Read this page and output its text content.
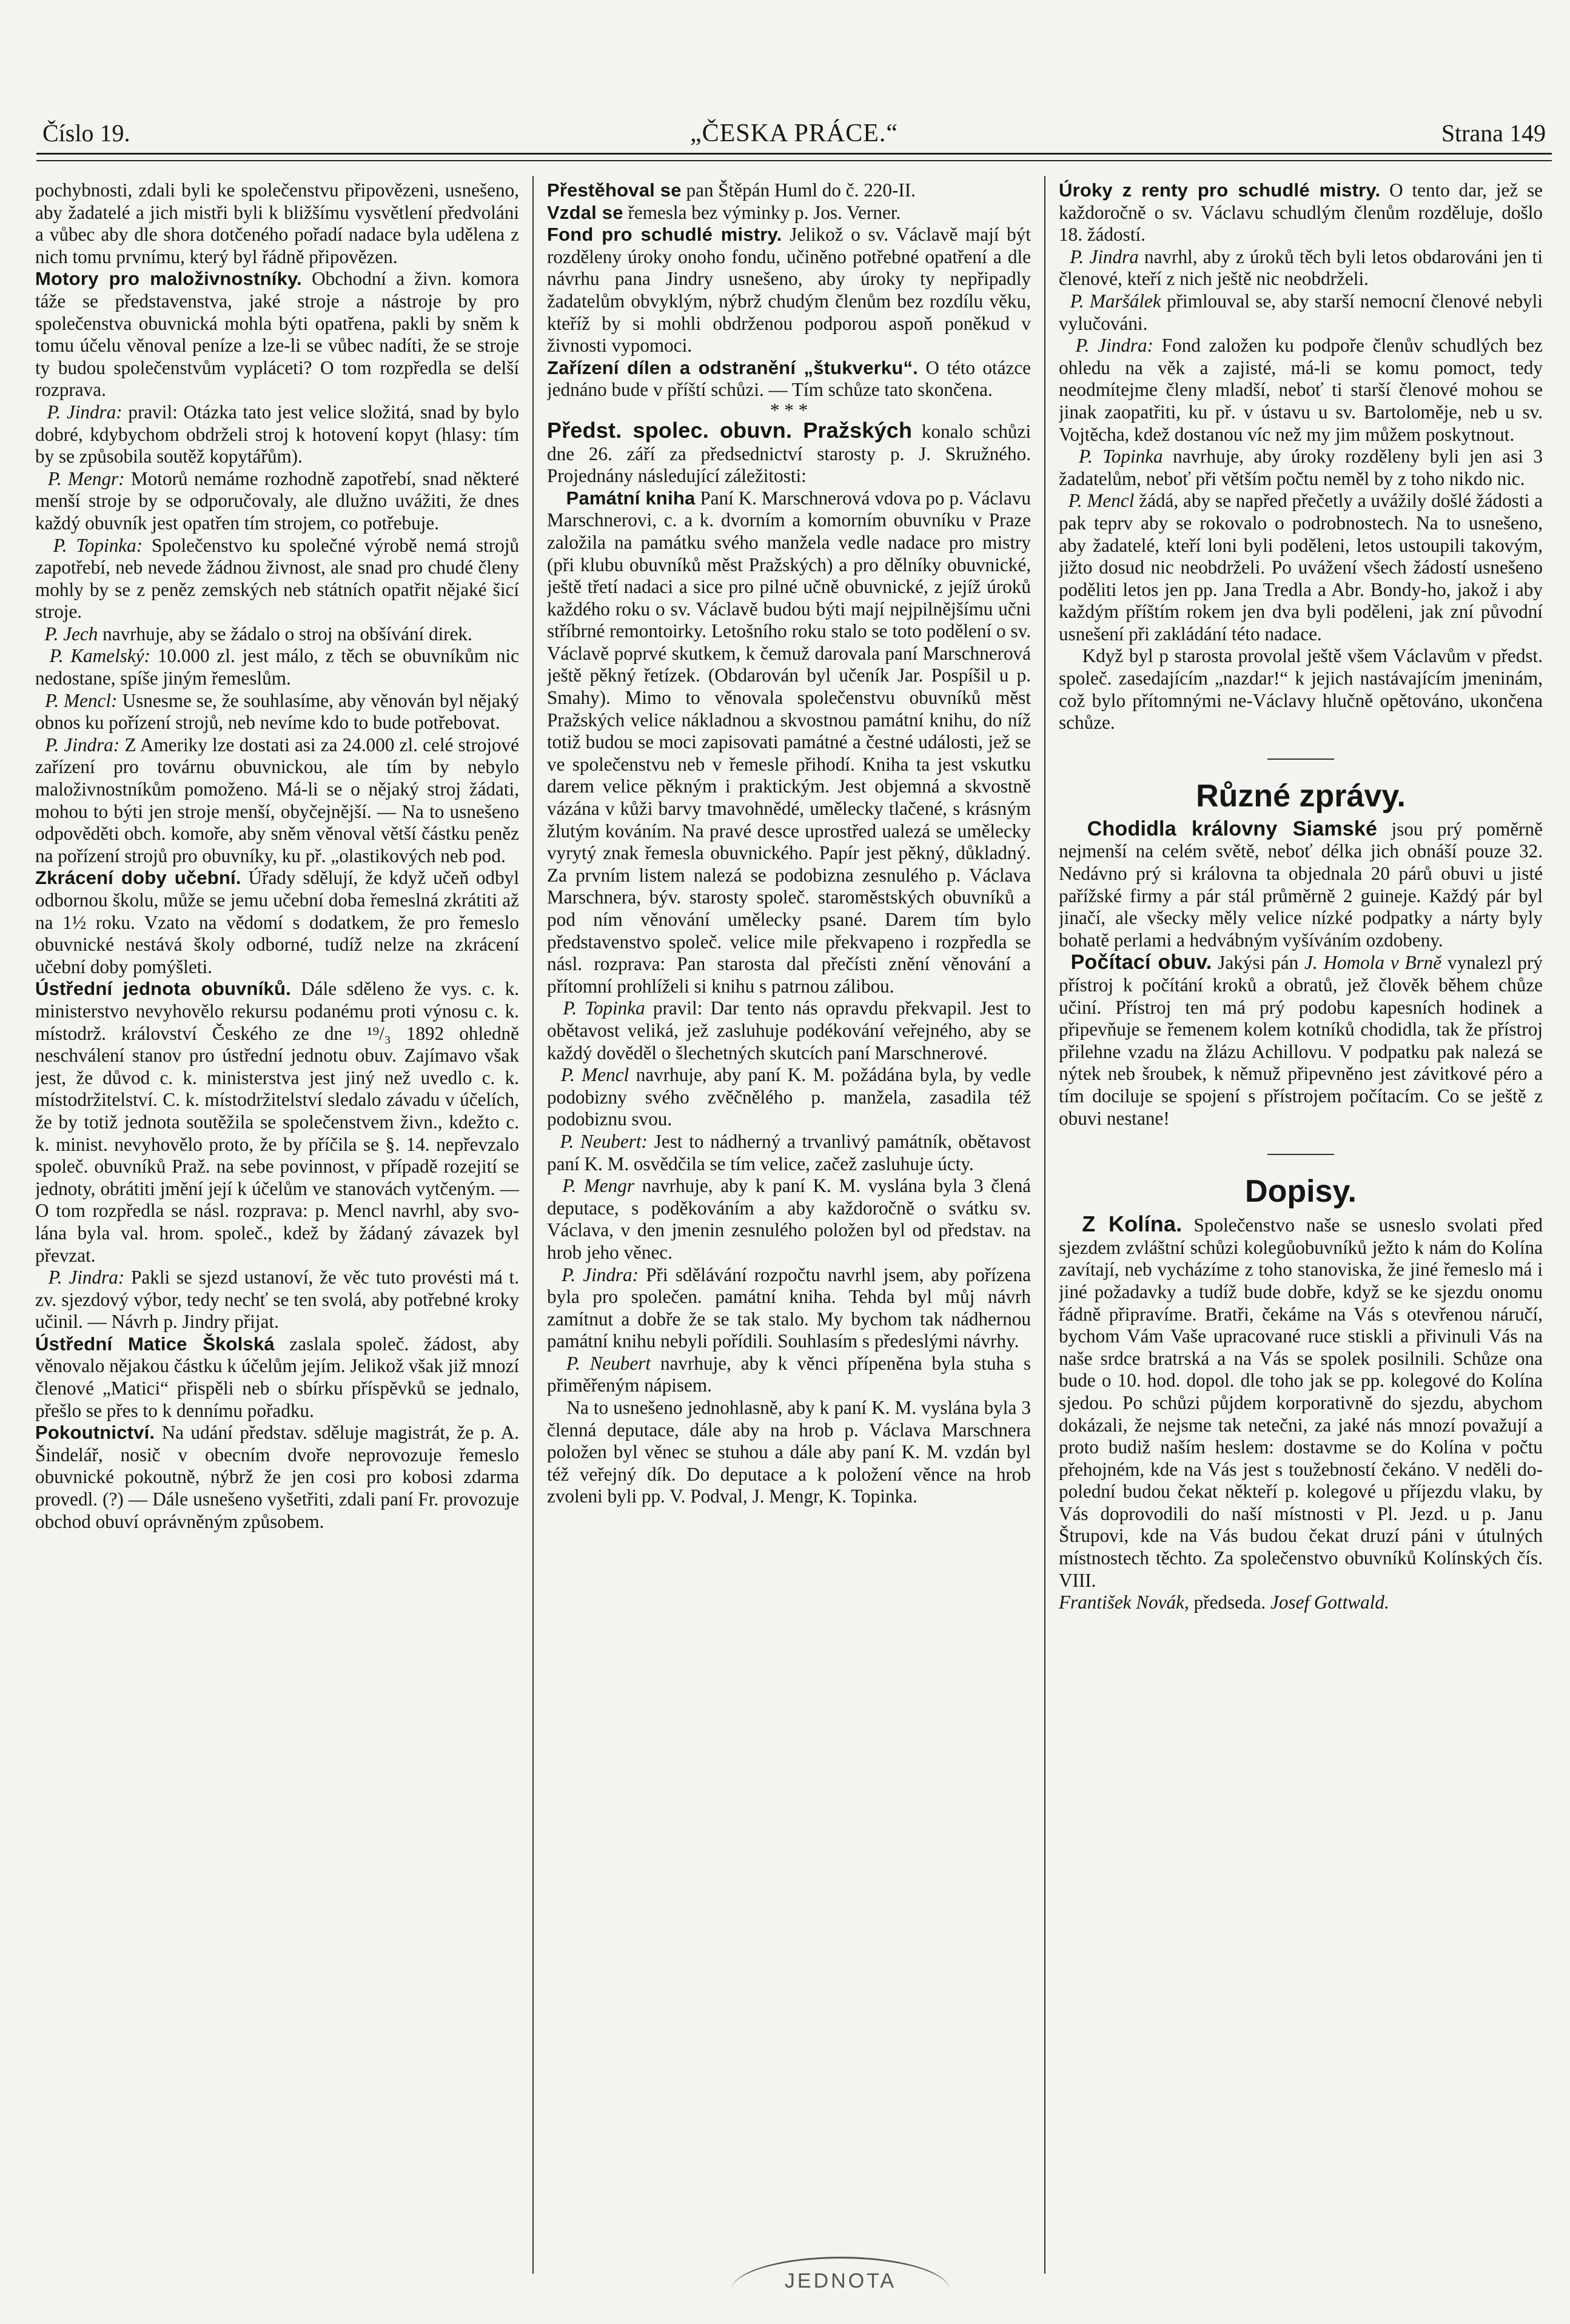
Číslo 19.	„ČESKA PRÁCE.“	Strana 149

pochybnosti, zdali byli ke společenstvu připovězeni, usnešeno, aby žadatelé a jich mistři byli k bližšímu vysvětlení předvoláni a vůbec aby dle shora dotčeného pořadí nadace byla udělena z nich tomu prvnímu, který byl řádně připovězen.

Motory pro maloživnostníky. Obchodní a živn. komora táže se představenstva, jaké stroje a nástroje by pro společenstva obuvnická mohla býti opatřena, pakli by sněm k tomu účelu věnoval peníze a lze-li se vůbec nadíti, že se stroje ty budou společenstvům vypláceti? O tom rozpředla se delší rozprava.

P. Jindra: pravil: Otázka tato jest velice složitá, snad by bylo dobré, kdybychom obdrželi stroj k hotovení kopyt (hlasy: tím by se způsobila soutěž kopytářům).

P. Mengr: Motorů nemáme rozhodně zapotřebí, snad některé menší stroje by se odporučovaly, ale dlužno uvážiti, že dnes každý obuvník jest opatřen tím strojem, co potřebuje.

P. Topinka: Společenstvo ku společné výrobě nemá strojů zapotřebí, neb nevede žádnou živnost, ale snad pro chudé členy mohly by se z peněz zemských neb státních opatřit nějaké šicí stroje.

P. Jech navrhuje, aby se žádalo o stroj na obšívání direk.

P. Kamelský: 10.000 zl. jest málo, z těch se obuvníkům nic nedostane, spíše jiným řemeslům.

P. Mencl: Usnesme se, že souhlasíme, aby věnován byl nějaký obnos ku pořízení strojů, neb nevíme kdo to bude potřebovat.

P. Jindra: Z Ameriky lze dostati asi za 24.000 zl. celé strojové zařízení pro továrnu obuvnickou, ale tím by nebylo maloživnostníkům pomoženo. Má-li se o nějaký stroj žádati, mohou to býti jen stroje menší, obyčejnější. — Na to usnešeno odpověděti obch. komoře, aby sněm věnoval větší částku peněz na pořízení strojů pro obuvníky, ku př. „olastikových neb pod.

Zkrácení doby učební. Úřady sdělují, že když učeň odbyl odbornou školu, může se jemu učební doba řemeslná zkrátiti až na 1½ roku. Vzato na vědomí s dodatkem, že pro řemeslo obuvnické nestává školy odborné, tudíž nelze na zkrácení učební doby pomýšleti.

Ústřední jednota obuvníků. Dále sděleno že vys. c. k. ministerstvo nevyhovělo rekursu podanému proti výnosu c. k. místodrž. království Českého ze dne ¹⁹/₃ 1892 ohledně neschválení stanov pro ústřední jednotu obuv. Zajímavo však jest, že důvod c. k. ministerstva jest jiný než uvedlo c. k. místodržitelství. C. k. místodržitelství sledalo závadu v účelích, že by totiž jednota soutěžila se společenstvem živn., kdežto c. k. minist. nevyhovělo proto, že by příčila se §. 14. nepřevzalo společ. obuvníků Praž. na sebe povinnost, v případě rozejití se jednoty, obrátiti jmění její k účelům ve stanovách vytčeným. — O tom rozpředla se násl. rozprava: p. Mencl navrhl, aby svolána byla val. hrom. společ., kdež by žádaný závazek byl převzat.

P. Jindra: Pakli se sjezd ustanoví, že věc tuto provésti má t. zv. sjezdový výbor, tedy nechť se ten svolá, aby potřebné kroky učinil. — Návrh p. Jindry přijat.

Ústřední Matice Školská zaslala společ. žádost, aby věnovalo nějakou částku k účelům jejím. Jelikož však již mnozí členové „Matici“ přispěli neb o sbírku příspěvků se jednalo, přešlo se přes to k dennímu pořadku.

Pokoutnictví. Na udání představ. sděluje magistrát, že p. A. Šindelář, nosič v obecním dvoře neprovozuje řemeslo obuvnické pokoutně, nýbrž že jen cosi pro kobosi zdarma provedl. (?) — Dále usnešeno vyšetřiti, zdali paní Fr. provozuje obchod obuví oprávněným způsobem.

Přestěhoval se pan Štěpán Huml do č. 220-II.

Vzdal se řemesla bez výminky p. Jos. Verner.

Fond pro schudlé mistry. Jelikož o sv. Václavě mají být rozděleny úroky onoho fondu, učiněno potřebné opatření a dle návrhu pana Jindry usnešeno, aby úroky ty nepřipadly žadatelům obvyklým, nýbrž chudým členům bez rozdílu věku, kteříž by si mohli obdrženou podporou aspoň poněkud v živnosti vypomoci.

Zařízení dílen a odstranění „štukverku“. O této otázce jednáno bude v příští schůzi. — Tím schůze tato skončena.

* * *

Předst. spolec. obuvn. Pražských konalo schůzi dne 26. září za předsednictví starosty p. J. Skružného. Projednány následující záležitosti:

Památní kniha Paní K. Marschnerová vdova po p. Václavu Marschnerovi, c. a k. dvorním a komorním obuvníku v Praze založila na památku svého manžela vedle nadace pro mistry (při klubu obuvníků měst Pražských) a pro dělníky obuvnické, ještě třetí nadaci a sice pro pilné učně obuvnické, z jejíž úroků každého roku o sv. Václavě budou býti mají nejpilnějšímu učni stříbrné remontoirky. Letošního roku stalo se toto podělení o sv. Václavě poprvé skutkem, k čemuž darovala paní Marschnerová ještě pěkný řetízek. (Obdarován byl učeník Jar. Pospíšil u p. Smahy). Mimo to věnovala společenstvu obuvníků měst Pražských velice nákladnou a skvostnou památní knihu, do níž totiž budou se moci zapisovati památné a čestné události, jež se ve společenstvu neb v řemesle přihodí. Kniha ta jest vskutku darem velice pěkným i praktickým. Jest objemná a skvostně vázána v kůži barvy tmavohnědé, umělecky tlačené, s krásným žlutým kováním. Na pravé desce uprostřed ualezá se umělecky vyrytý znak řemesla obuvnického. Papír jest pěkný, důkladný. Za prvním listem nalezá se podobizna zesnulého p. Václava Marschnera, býv. starosty společ. staroměstských obuvníků a pod ním věnování umělecky psané. Darem tím bylo představenstvo společ. velice mile překvapeno i rozpředla se násl. rozprava: Pan starosta dal přečísti znění věnování a přítomní prohlíželi si knihu s patrnou zálibou.

P. Topinka pravil: Dar tento nás opravdu překvapil. Jest to obětavost veliká, jež zasluhuje podékování veřejného, aby se každý dověděl o šlechetných skutcích paní Marschnerové.

P. Mencl navrhuje, aby paní K. M. požádána byla, by vedle podobizny svého zvěčnělého p. manžela, zasadila též podobiznu svou.

P. Neubert: Jest to nádherný a trvanlivý památník, obětavost paní K. M. osvědčila se tím velice, začež zasluhuje úcty.

P. Mengr navrhuje, aby k paní K. M. vyslána byla 3 člená deputace, s poděkováním a aby každoročně o svátku sv. Václava, v den jmenin zesnulého položen byl od představ. na hrob jeho věnec.

P. Jindra: Při sdělávání rozpočtu navrhl jsem, aby pořízena byla pro společen. památní kniha. Tehda byl můj návrh zamítnut a dobře že se tak stalo. My bychom tak nádhernou památní knihu nebyli pořídili. Souhlasím s předeslými návrhy.

P. Neubert navrhuje, aby k věnci přípeněna byla stuha s přiměřeným nápisem.

Na to usnešeno jednohlasně, aby k paní K. M. vyslána byla 3 členná deputace, dále aby na hrob p. Václava Marschnera položen byl věnec se stuhou a dále aby paní K. M. vzdán byl též veřejný dík. Do deputace a k položení věnce na hrob zvoleni byli pp. V. Podval, J. Mengr, K. Topinka.

Úroky z renty pro schudlé mistry. O tento dar, jež se každoročně o sv. Václavu schudlým členům rozděluje, došlo 18. žádostí.

P. Jindra navrhl, aby z úroků těch byli letos obdarováni jen ti členové, kteří z nich ještě nic neobdrželi.

P. Maršálek přimlouval se, aby starší nemocní členové nebyli vylučováni.

P. Jindra: Fond založen ku podpoře členův schudlých bez ohledu na věk a zajisté, má-li se komu pomoct, tedy neodmítejme členy mladší, neboť ti starší členové mohou se jinak zaopatřiti, ku př. v ústavu u sv. Bartoloměje, neb u sv. Vojtěcha, kdež dostanou víc než my jim můžem poskytnout.

P. Topinka navrhuje, aby úroky rozděleny byli jen asi 3 žadatelům, neboť při větším počtu neměl by z toho nikdo nic.

P. Mencl žádá, aby se napřed přečetly a uvážily došlé žádosti a pak teprv aby se rokovalo o podrobnostech. Na to usnešeno, aby žadatelé, kteří loni byli poděleni, letos ustoupili takovým, jižto dosud nic neobdrželi. Po uvážení všech žádostí usnešeno poděliti letos jen pp. Jana Tredla a Abr. Bondy-ho, jakož i aby každým příštím rokem jen dva byli poděleni, jak zní původní usnešení při zakládání této nadace.

Když byl p starosta provolal ještě všem Václavům v předst. společ. zasedajícím „nazdar!“ k jejich nastávajícím jmeninám, což bylo přítomnými ne-Václavy hlučně opětováno, ukončena schůze.

Různé zprávy.

Chodidla královny Siamské jsou prý poměrně nejmenší na celém světě, neboť délka jich obnáší pouze 32. Nedávno prý si královna ta objednala 20 párů obuvi u jisté pařížské firmy a pár stál průměrně 2 guineje. Každý pár byl jinačí, ale všecky měly velice nízké podpatky a nárty byly bohatě perlami a hedvábným vyšíváním ozdobeny.

Počítací obuv. Jakýsi pán J. Homola v Brně vynalezl prý přístroj k počítání kroků a obratů, jež člověk během chůze učiní. Přístroj ten má prý podobu kapesních hodinek a připevňuje se řemenem kolem kotníků chodidla, tak že přístroj přilehne vzadu na žlázu Achillovu. V podpatku pak nalezá se nýtek neb šroubek, k němuž připevněno jest závitkové péro a tím dociluje se spojení s přístrojem počítacím. Co se ještě z obuvi nestane!

Dopisy.

Z Kolína. Společenstvo naše se usneslo svolati před sjezdem zvláštní schůzi kolegůobuvníků ježto k nám do Kolína zavítají, neb vycházíme z toho stanoviska, že jiné řemeslo má i jiné požadavky a tudíž bude dobře, když se ke sjezdu onomu řádně připravíme. Bratři, čekáme na Vás s otevřenou náručí, bychom Vám Vaše upracované ruce stiskli a přivinuli Vás na naše srdce bratrská a na Vás se spolek posilnili. Schůze ona bude o 10. hod. dopol. dle toho jak se pp. kolegové do Kolína sjedou. Po schůzi půjdem korporativně do sjezdu, abychom dokázali, že nejsme tak netečni, za jaké nás mnozí považují a proto budiž naším heslem: dostavme se do Kolína v počtu přehojném, kde na Vás jest s toužebností čekáno. V neděli dopolední budou čekat někteří p. kolegové u příjezdu vlaku, by Vás doprovodili do naší místnosti v Pl. Jezd. u p. Janu Štrupovi, kde na Vás budou čekat druzí páni v útulných místnostech těchto. Za společenstvo obuvníků Kolínských čís. VIII.

František Novák, předseda. Josef Gottwald.

JEDNOTA
